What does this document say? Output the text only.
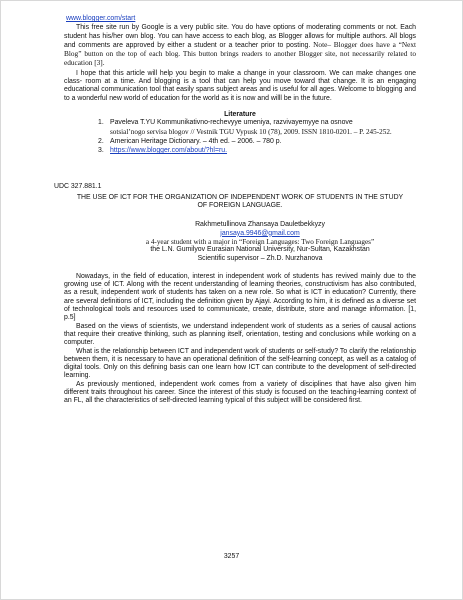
www.blogger.com/start

This free site run by Google is a very public site. You do have options of moderating comments or not. Each student has his/her own blog. You can have access to each blog, as Blogger allows for multiple authors. All blogs and comments are approved by either a student or a teacher prior to posting. Note– Blogger does have a “Next Blog” button on the top of each blog. This button brings readers to another Blogger site, not necessarily related to education [3].

I hope that this article will help you begin to make a change in your classroom. We can make changes one class- room at a time. And blogging is a tool that can help you move toward that change. It is an engaging educational communication tool that easily spans subject areas and is useful for all ages. Welcome to blogging and to a wonderful new world of education for the world as it is now and willl be in the future.

Literature
1. Paveleva T.YU Kommunikativno-rechevyye umeniya, razvivayemyye na osnove
sotsial’nogo servisa blogov // Vestnik TGU Vypusk 10 (78), 2009. ISSN 1810-0201. – P. 245-252.
2. American Heritage Dictionary. – 4th ed. – 2006. – 780 p.
3. https://www.blogger.com/about/?hl=ru.
UDC 327.881.1
THE USE OF ICT FOR THE ORGANIZATION OF INDEPENDENT WORK OF STUDENTS IN THE STUDY OF FOREIGN LANGUAGE.
Rakhmetullinova Zhansaya Dauletbekkyzy
jansaya.9946@gmail.com
a 4-year student with a major in “Foreign Languages: Two Foreign Languages”
the L.N. Gumilyov Eurasian National University, Nur-Sultan, Kazakhstan
Scientific supervisor – Zh.D. Nurzhanova

Nowadays, in the field of education, interest in independent work of students has revived mainly due to the growing use of ICT. Along with the recent understanding of learning theories, constructivism has also contributed, as a result, independent work of students has taken on a new role. So what is ICT in education? Currently, there are several definitions of ICT, including the definition given by Ajayi. According to him, it is defined as a diverse set of technological tools and resources used to communicate, create, distribute, store and manage information. [1, p.5]

Based on the views of scientists, we understand independent work of students as a series of causal actions that require their creative thinking, such as planning itself, orientation, testing and conclusions while working on a computer.

What is the relationship between ICT and independent work of students or self-study? To clarify the relationship between them, it is necessary to have an operational definition of the self-learning concept, as well as a catalog of digital tools. Only on this defining basis can one learn how ICT can contribute to the development of self-directed learning.

As previously mentioned, independent work comes from a variety of disciplines that have also given him different traits throughout his career. Since the interest of this study is focused on the teaching-learning context of an FL, all the characteristics of self-directed learning typical of this subject willl be considered first.

3257
